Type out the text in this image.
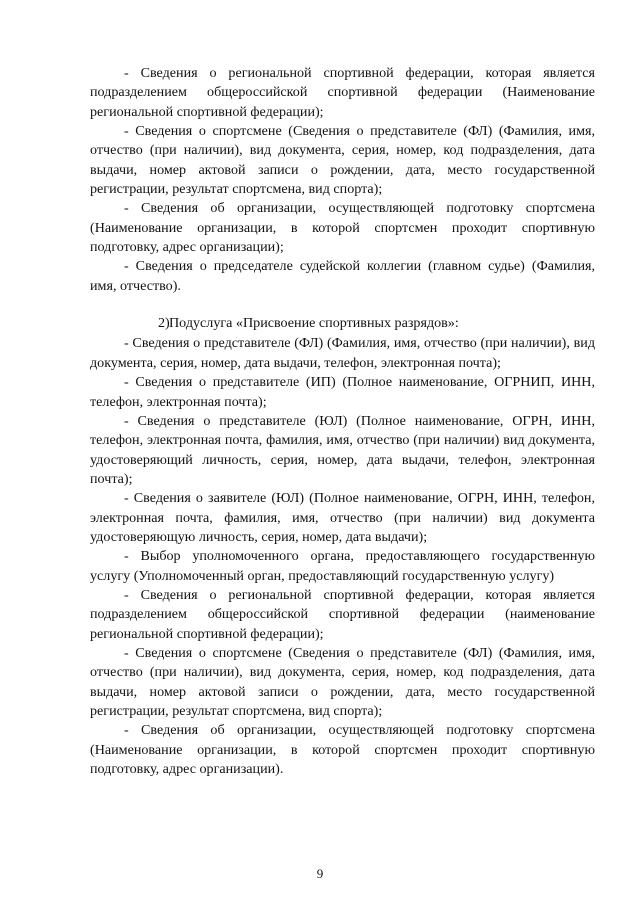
- Сведения о региональной спортивной федерации, которая является подразделением общероссийской спортивной федерации (Наименование региональной спортивной федерации);

- Сведения о спортсмене (Сведения о представителе (ФЛ) (Фамилия, имя, отчество (при наличии), вид документа, серия, номер, код подразделения, дата выдачи, номер актовой записи о рождении, дата, место государственной регистрации, результат спортсмена, вид спорта);

- Сведения об организации, осуществляющей подготовку спортсмена (Наименование организации, в которой спортсмен проходит спортивную подготовку, адрес организации);

- Сведения о председателе судейской коллегии (главном судье) (Фамилия, имя, отчество).

2)Подуслуга «Присвоение спортивных разрядов»:

- Сведения о представителе (ФЛ) (Фамилия, имя, отчество (при наличии), вид документа, серия, номер, дата выдачи, телефон, электронная почта);

- Сведения о представителе (ИП) (Полное наименование, ОГРНИП, ИНН, телефон, электронная почта);

- Сведения о представителе (ЮЛ) (Полное наименование, ОГРН, ИНН, телефон, электронная почта, фамилия, имя, отчество (при наличии) вид документа, удостоверяющий личность, серия, номер, дата выдачи, телефон, электронная почта);

- Сведения о заявителе (ЮЛ) (Полное наименование, ОГРН, ИНН, телефон, электронная почта, фамилия, имя, отчество (при наличии) вид документа удостоверяющую личность, серия, номер, дата выдачи);

- Выбор уполномоченного органа, предоставляющего государственную услугу (Уполномоченный орган, предоставляющий государственную услугу)

- Сведения о региональной спортивной федерации, которая является подразделением общероссийской спортивной федерации (наименование региональной спортивной федерации);

- Сведения о спортсмене (Сведения о представителе (ФЛ) (Фамилия, имя, отчество (при наличии), вид документа, серия, номер, код подразделения, дата выдачи, номер актовой записи о рождении, дата, место государственной регистрации, результат спортсмена, вид спорта);

- Сведения об организации, осуществляющей подготовку спортсмена (Наименование организации, в которой спортсмен проходит спортивную подготовку, адрес организации).

9
